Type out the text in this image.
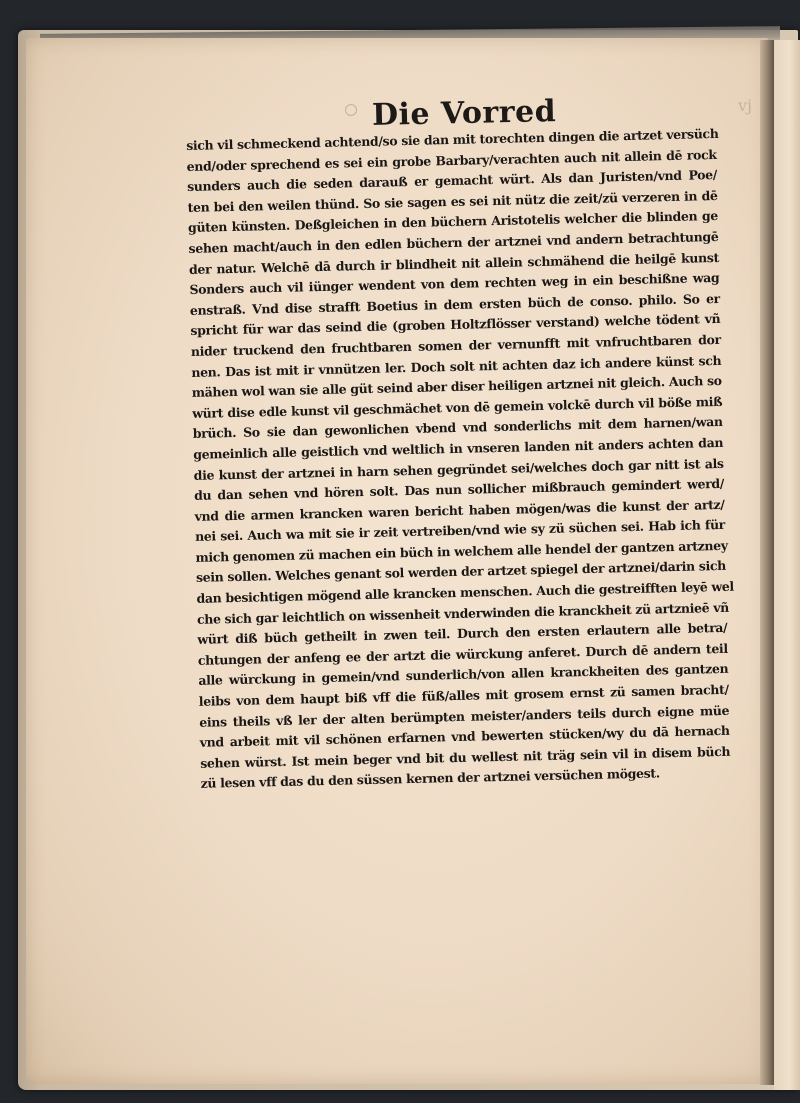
Die Vorred	vj
sich vil schmeckend achtend/so sie dan mit torechten dingen die artzet versüch
end/oder sprechend es sei ein grobe Barbary/verachten auch nit allein dē rock
sunders auch die seden darauß er gemacht würt. Als dan Juristen/vnd Poe/
ten bei den weilen thünd. So sie sagen es sei nit nütz die zeit/zü verzeren in dē
güten künsten. Deßgleichen in den büchern Aristotelis welcher die blinden ge
sehen macht/auch in den edlen büchern der artznei vnd andern betrachtungē
der natur. Welchē dā durch ir blindheit nit allein schmähend die heilgē kunst
Sonders auch vil iünger wendent von dem rechten weg in ein beschißne wag
enstraß. Vnd dise strafft Boetius in dem ersten büch de conso. philo. So er
spricht für war das seind die (groben Holtzflösser verstand) welche tödent vñ
nider truckend den fruchtbaren somen der vernunfft mit vnfruchtbaren dor
nen. Das ist mit ir vnnützen ler. Doch solt nit achten daz ich andere künst sch
mähen wol wan sie alle güt seind aber diser heiligen artznei nit gleich. Auch so
würt dise edle kunst vil geschmächet von dē gemein volckē durch vil böße miß
brüch. So sie dan gewonlichen vbend vnd sonderlichs mit dem harnen/wan
gemeinlich alle geistlich vnd weltlich in vnseren landen nit anders achten dan
die kunst der artznei in harn sehen gegründet sei/welches doch gar nitt ist als
du dan sehen vnd hören solt. Das nun sollicher mißbrauch gemindert werd/
vnd die armen krancken waren bericht haben mögen/was die kunst der artz/
nei sei. Auch wa mit sie ir zeit vertreiben/vnd wie sy zü süchen sei. Hab ich für
mich genomen zü machen ein büch in welchem alle hendel der gantzen artzney
sein sollen. Welches genant sol werden der artzet spiegel der artznei/darin sich
dan besichtigen mögend alle krancken menschen. Auch die gestreifften leyē wel
che sich gar leichtlich on wissenheit vnderwinden die kranckheit zü artznieē vñ
würt diß büch getheilt in zwen teil. Durch den ersten erlautern alle betra/
chtungen der anfeng ee der artzt die würckung anferet. Durch dē andern teil
alle würckung in gemein/vnd sunderlich/von allen kranckheiten des gantzen
leibs von dem haupt biß vff die füß/alles mit grosem ernst zü samen bracht/
eins theils vß ler der alten berümpten meister/anders teils durch eigne müe
vnd arbeit mit vil schönen erfarnen vnd bewerten stücken/wy du dā hernach
sehen würst. Ist mein beger vnd bit du wellest nit träg sein vil in disem büch
zü lesen vff das du den süssen kernen der artznei versüchen mögest.
